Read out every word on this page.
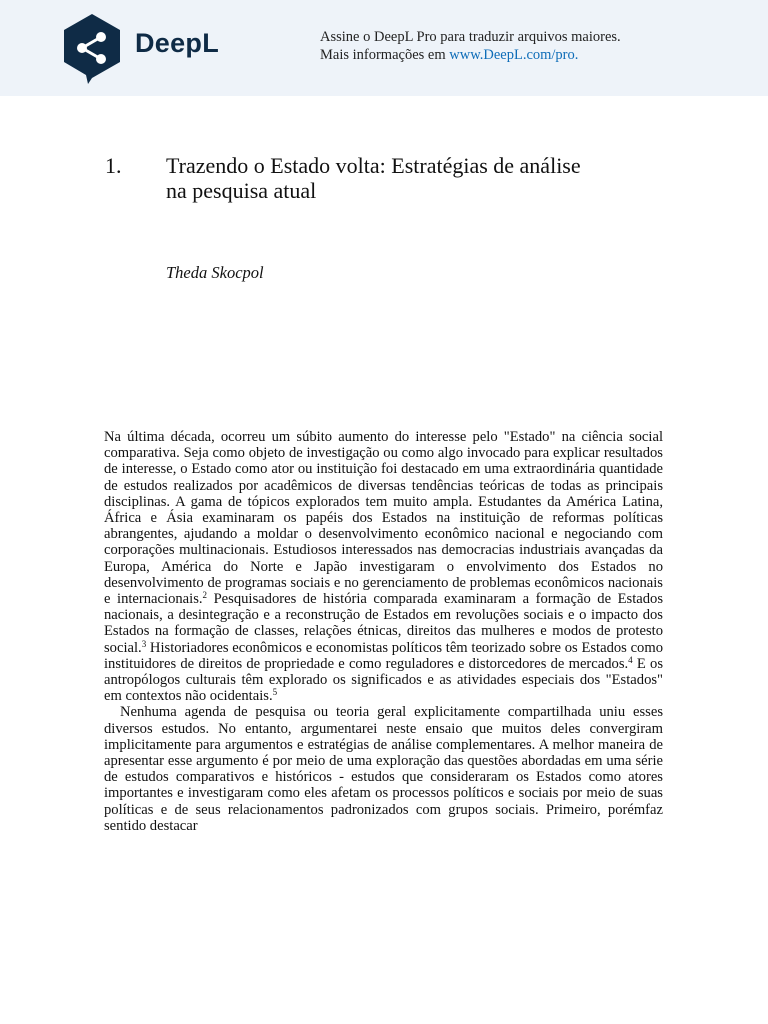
DeepL	Assine o DeepL Pro para traduzir arquivos maiores.
Mais informações em www.DeepL.com/pro.
1. Trazendo o Estado volta: Estratégias de análise na pesquisa atual
Theda Skocpol

Na última década, ocorreu um súbito aumento do interesse pelo "Estado" na ciência social comparativa. Seja como objeto de investigação ou como algo invocado para explicar resultados de interesse, o Estado como ator ou instituição foi destacado em uma extraordinária quantidade de estudos realizados por acadêmicos de diversas tendências teóricas de todas as principais disciplinas. A gama de tópicos explorados tem muito ampla. Estudantes da América Latina, África e Ásia examinaram os papéis dos Estados na instituição de reformas políticas abrangentes, ajudando a moldar o desenvolvimento econômico nacional e negociando com corporações multinacionais. Estudiosos interessados nas democracias industriais avançadas da Europa, América do Norte e Japão investigaram o envolvimento dos Estados no desenvolvimento de programas sociais e no gerenciamento de problemas econômicos nacionais e internacionais.$^2$ Pesquisadores de história comparada examinaram a formação de Estados nacionais, a desintegração e a reconstrução de Estados em revoluções sociais e o impacto dos Estados na formação de classes, relações étnicas, direitos das mulheres e modos de protesto social.$^3$ Historiadores econômicos e economistas políticos têm teorizado sobre os Estados como instituidores de direitos de propriedade e como reguladores e distorcedores de mercados.$^4$ E os antropólogos culturais têm explorado os significados e as atividades especiais dos "Estados" em contextos não ocidentais.$^5$

Nenhuma agenda de pesquisa ou teoria geral explicitamente compartilhada uniu esses diversos estudos. No entanto, argumentarei neste ensaio que muitos deles convergiram implicitamente para argumentos e estratégias de análise complementares. A melhor maneira de apresentar esse argumento é por meio de uma exploração das questões abordadas em uma série de estudos comparativos e históricos - estudos que consideraram os Estados como atores importantes e investigaram como eles afetam os processos políticos e sociais por meio de suas políticas e de seus relacionamentos padronizados com grupos sociais. Primeiro, porémfaz sentido destacar
